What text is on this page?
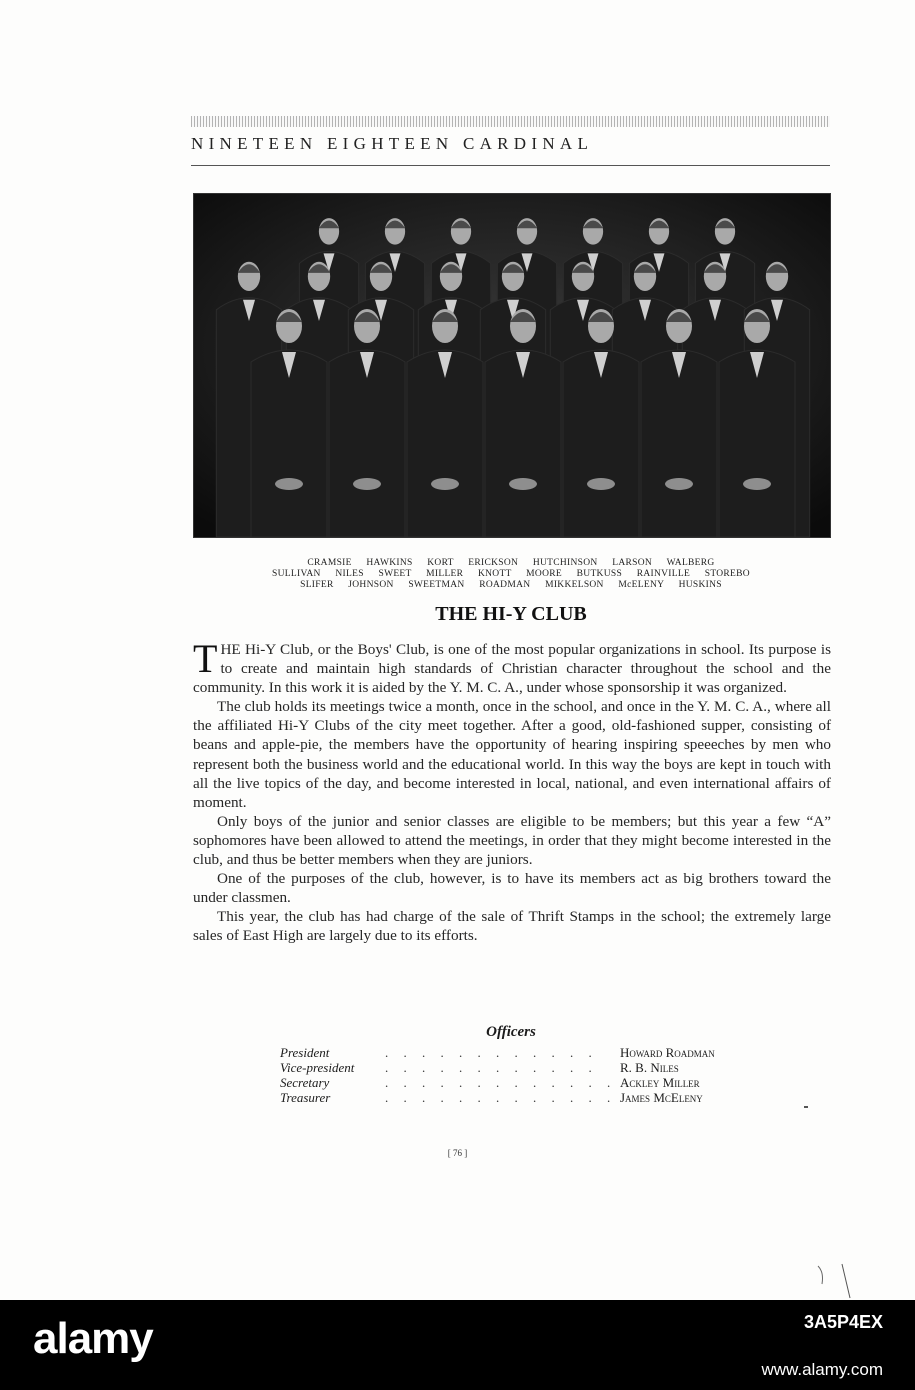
NINETEEN EIGHTEEN CARDINAL
CRAMSIE HAWKINS KORT ERICKSON HUTCHINSON LARSON WALBERG
SULLIVAN NILES SWEET MILLER KNOTT MOORE BUTKUSS RAINVILLE STOREBO
SLIFER JOHNSON SWEETMAN ROADMAN MIKKELSON McELENY HUSKINS
THE HI-Y CLUB

THE Hi-Y Club, or the Boys' Club, is one of the most popular organizations in school. Its purpose is to create and maintain high standards of Christian character throughout the school and the community. In this work it is aided by the Y. M. C. A., under whose sponsorship it was organized.

The club holds its meetings twice a month, once in the school, and once in the Y. M. C. A., where all the affiliated Hi-Y Clubs of the city meet together. After a good, old-fashioned supper, consisting of beans and apple-pie, the members have the opportunity of hearing inspiring speeeches by men who represent both the business world and the educational world. In this way the boys are kept in touch with all the live topics of the day, and become interested in local, national, and even international affairs of moment.

Only boys of the junior and senior classes are eligible to be members; but this year a few “A” sophomores have been allowed to attend the meetings, in order that they might become interested in the club, and thus be better members when they are juniors.

One of the purposes of the club, however, is to have its members act as big brothers toward the under classmen.

This year, the club has had charge of the sale of Thrift Stamps in the school; the extremely large sales of East High are largely due to its efforts.

Officers
President	. . . . . . . . . . . .	Howard Roadman
Vice-president	. . . . . . . . . . . .	R. B. Niles
Secretary	. . . . . . . . . . . . . Ackley Miller
Treasurer	. . . . . . . . . . . . . James McEleny
[ 76 ]
alamy	3A5P4EX
www.alamy.com
